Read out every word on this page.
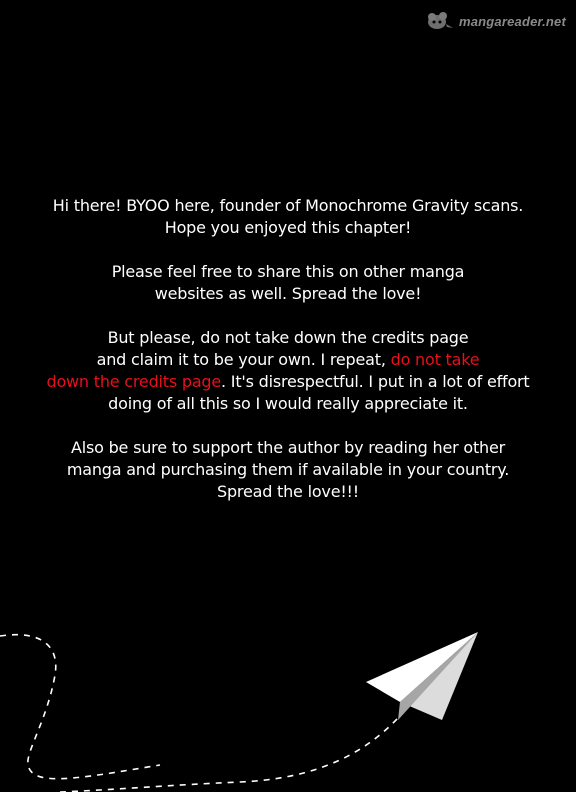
mangareader.net

Hi there! BYOO here, founder of Monochrome Gravity scans.
Hope you enjoyed this chapter!

Please feel free to share this on other manga
websites as well. Spread the love!

But please, do not take down the credits page
and claim it to be your own. I repeat, do not take
down the credits page. It's disrespectful. I put in a lot of effort
doing of all this so I would really appreciate it.

Also be sure to support the author by reading her other
manga and purchasing them if available in your country.
Spread the love!!!
